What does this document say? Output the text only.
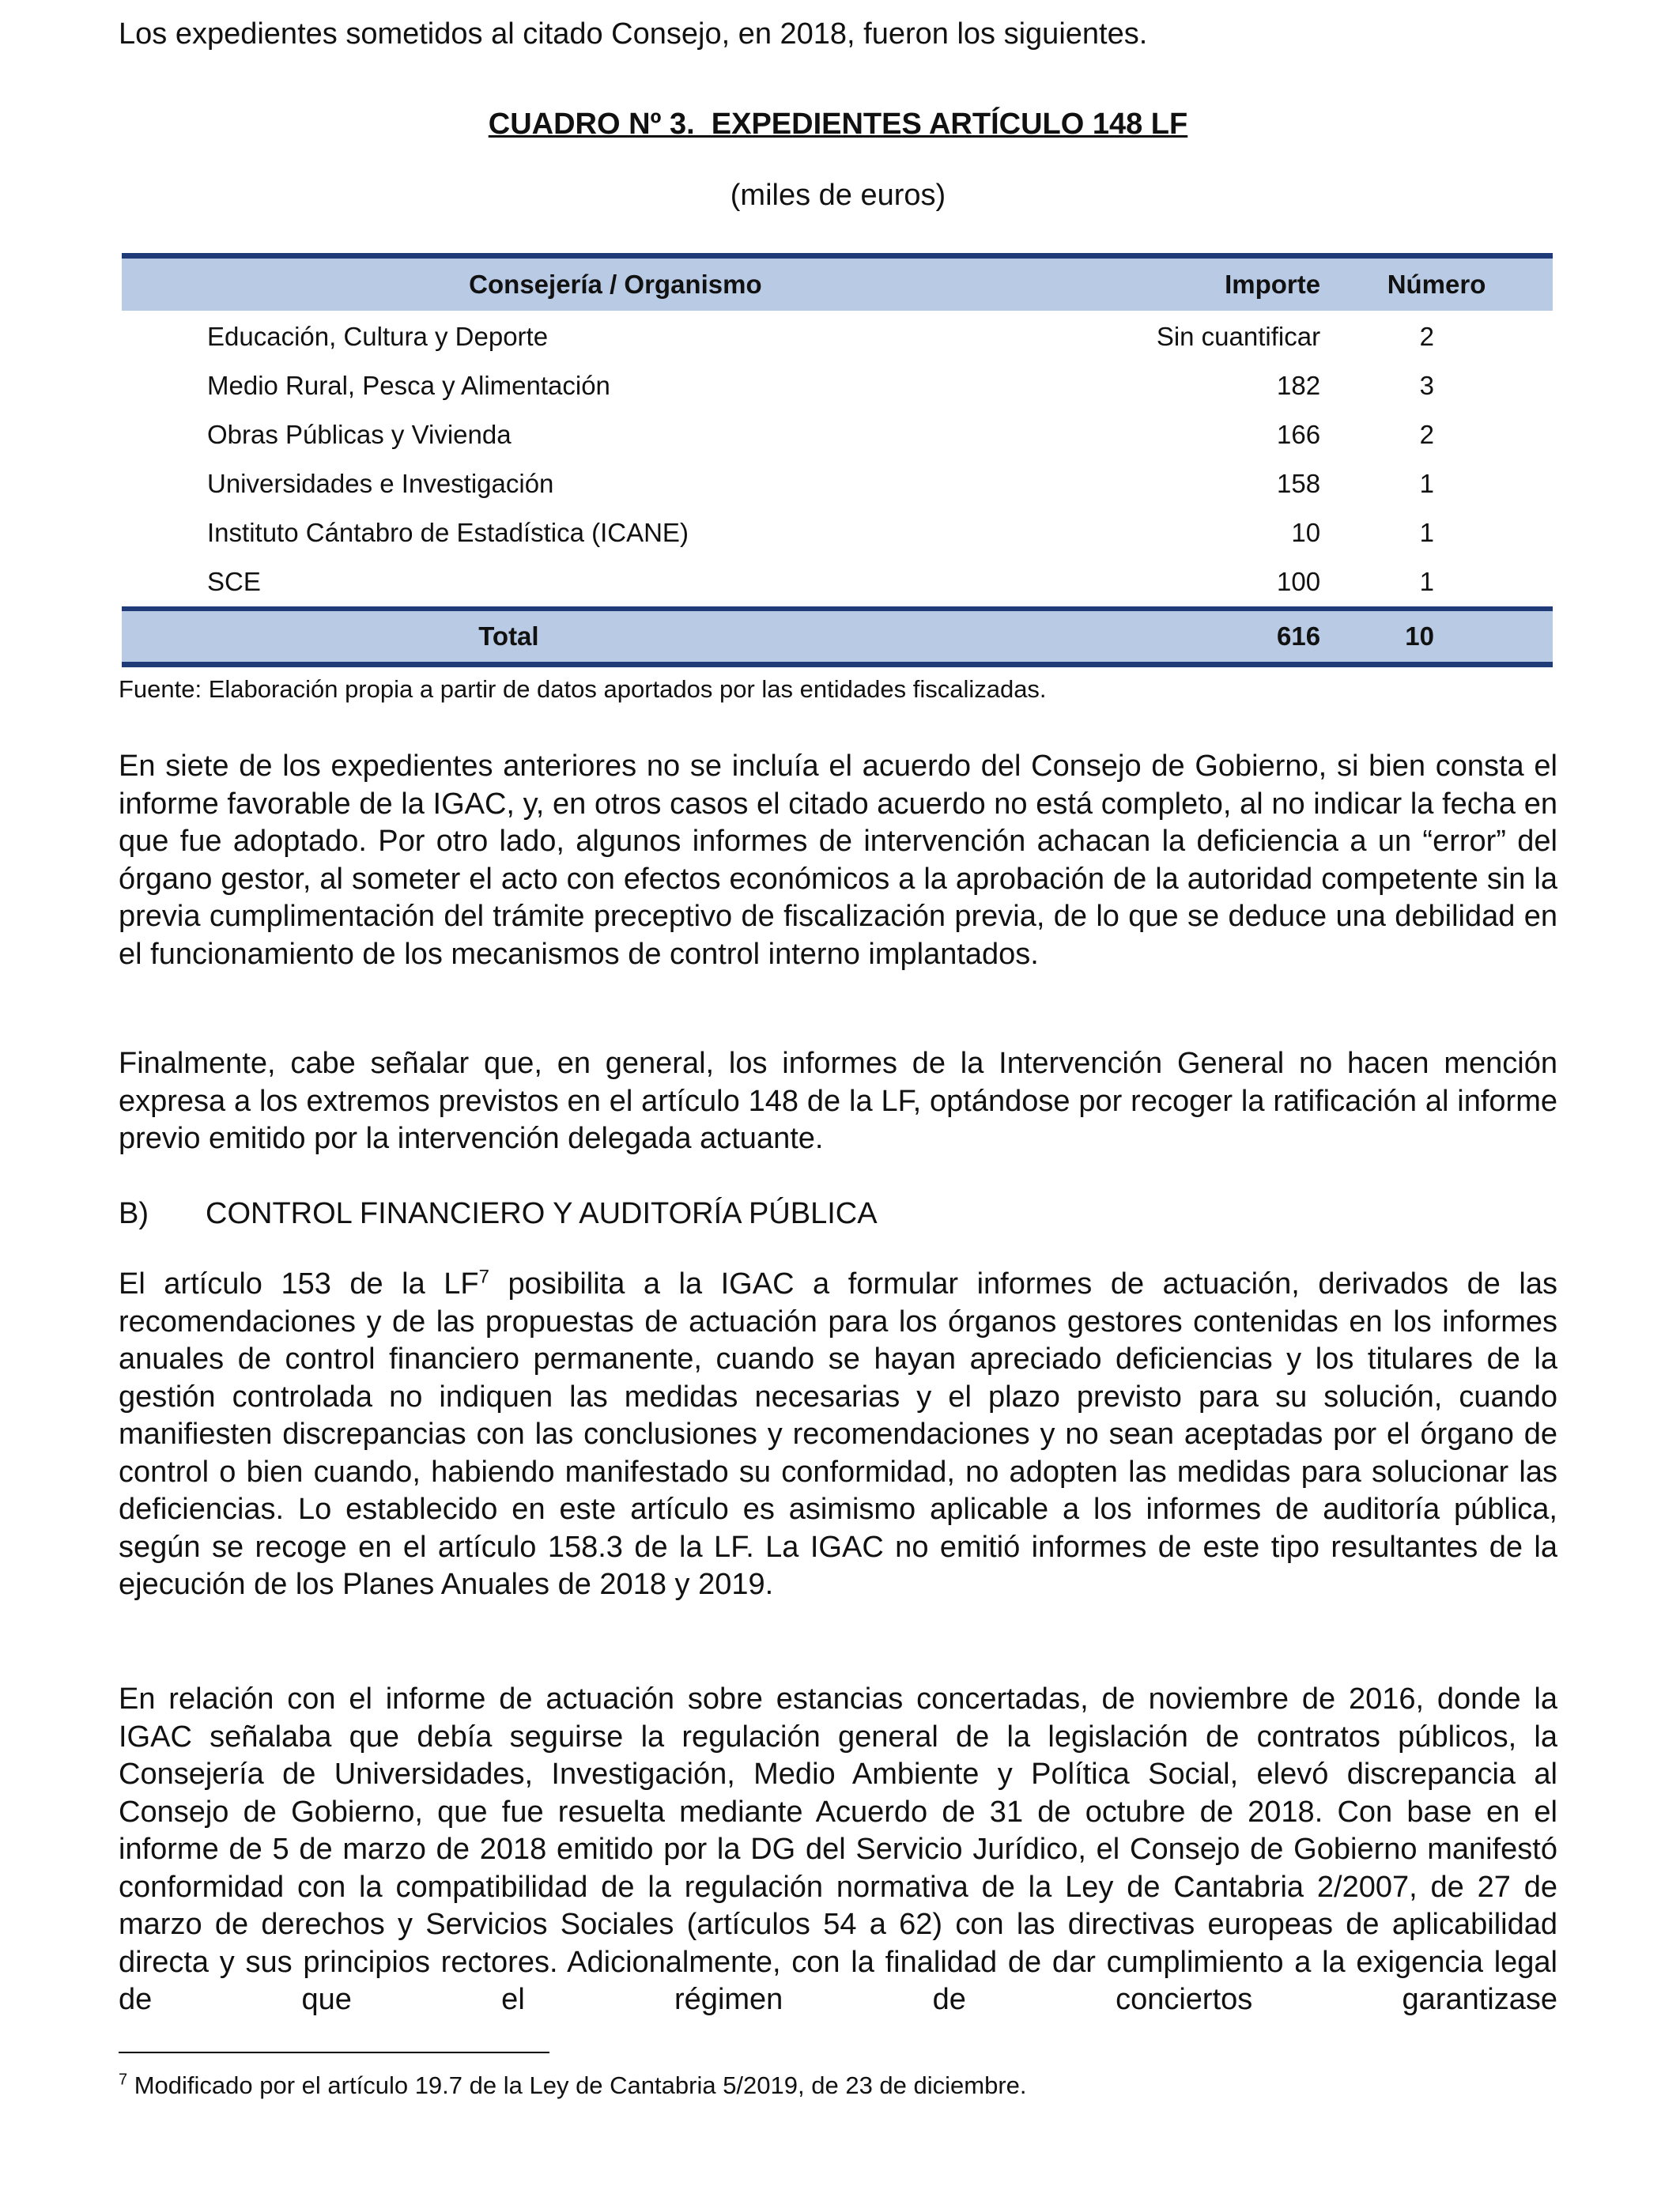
Los expedientes sometidos al citado Consejo, en 2018, fueron los siguientes.
CUADRO Nº 3.  EXPEDIENTES ARTÍCULO 148 LF
(miles de euros)
Consejería / Organismo	Importe	Número
Educación, Cultura y Deporte	Sin cuantificar	2
Medio Rural, Pesca y Alimentación	182	3
Obras Públicas y Vivienda	166	2
Universidades e Investigación	158	1
Instituto Cántabro de Estadística (ICANE)	10	1
SCE	100	1
Total	616	10
Fuente: Elaboración propia a partir de datos aportados por las entidades fiscalizadas.

En siete de los expedientes anteriores no se incluía el acuerdo del Consejo de Gobierno, si bien consta el informe favorable de la IGAC, y, en otros casos el citado acuerdo no está completo, al no indicar la fecha en que fue adoptado. Por otro lado, algunos informes de intervención achacan la deficiencia a un “error” del órgano gestor, al someter el acto con efectos económicos a la aprobación de la autoridad competente sin la previa cumplimentación del trámite preceptivo de fiscalización previa, de lo que se deduce una debilidad en el funcionamiento de los mecanismos de control interno implantados.

Finalmente, cabe señalar que, en general, los informes de la Intervención General no hacen mención expresa a los extremos previstos en el artículo 148 de la LF, optándose por recoger la ratificación al informe previo emitido por la intervención delegada actuante.

B) CONTROL FINANCIERO Y AUDITORÍA PÚBLICA

El artículo 153 de la $LF^7$ posibilita a la IGAC a formular informes de actuación, derivados de las recomendaciones y de las propuestas de actuación para los órganos gestores contenidas en los informes anuales de control financiero permanente, cuando se hayan apreciado deficiencias y los titulares de la gestión controlada no indiquen las medidas necesarias y el plazo previsto para su solución, cuando manifiesten discrepancias con las conclusiones y recomendaciones y no sean aceptadas por el órgano de control o bien cuando, habiendo manifestado su conformidad, no adopten las medidas para solucionar las deficiencias. Lo establecido en este artículo es asimismo aplicable a los informes de auditoría pública, según se recoge en el artículo 158.3 de la LF. La IGAC no emitió informes de este tipo resultantes de la ejecución de los Planes Anuales de 2018 y 2019.

En relación con el informe de actuación sobre estancias concertadas, de noviembre de 2016, donde la IGAC señalaba que debía seguirse la regulación general de la legislación de contratos públicos, la Consejería de Universidades, Investigación, Medio Ambiente y Política Social, elevó discrepancia al Consejo de Gobierno, que fue resuelta mediante Acuerdo de 31 de octubre de 2018. Con base en el informe de 5 de marzo de 2018 emitido por la DG del Servicio Jurídico, el Consejo de Gobierno manifestó conformidad con la compatibilidad de la regulación normativa de la Ley de Cantabria 2/2007, de 27 de marzo de derechos y Servicios Sociales (artículos 54 a 62) con las directivas europeas de aplicabilidad directa y sus principios rectores. Adicionalmente, con la finalidad de dar cumplimiento a la exigencia legal de que el régimen de conciertos garantizase

$^7$ Modificado por el artículo 19.7 de la Ley de Cantabria 5/2019, de 23 de diciembre.
